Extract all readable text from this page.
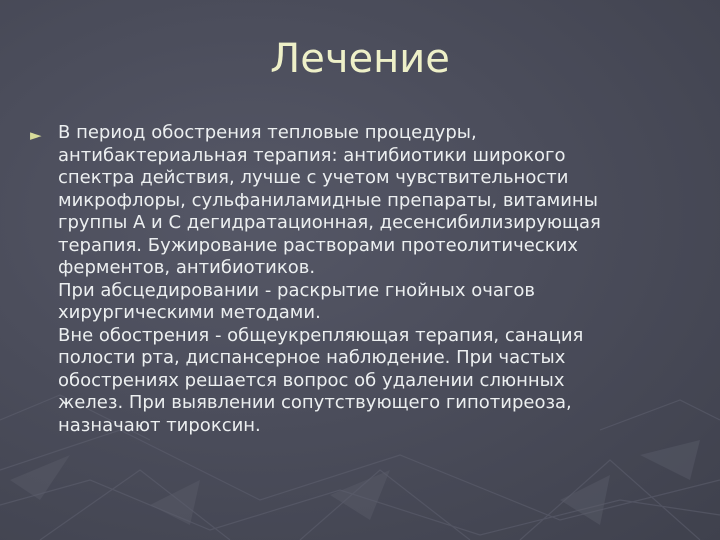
Лечение
► В период обострения тепловые процедуры,
антибактериальная терапия: антибиотики широкого
спектра действия, лучше с учетом чувствительности
микрофлоры, сульфаниламидные препараты, витамины
группы А и С дегидратационная, десенсибилизирующая
терапия. Бужирование растворами протеолитических
ферментов, антибиотиков.
При абсцедировании - раскрытие гнойных очагов
хирургическими методами.
Вне обострения - общеукрепляющая терапия, санация
полости рта, диспансерное наблюдение. При частых
обострениях решается вопрос об удалении слюнных
желез. При выявлении сопутствующего гипотиреоза,
назначают тироксин.
